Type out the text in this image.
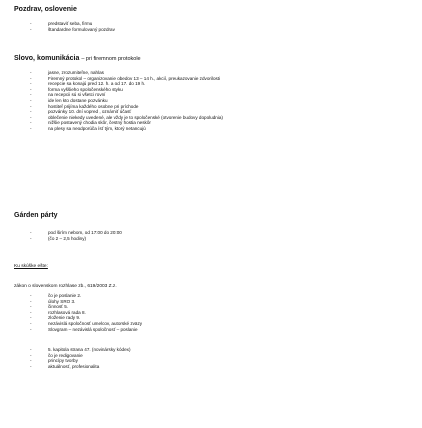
Pozdrav, oslovenie
-	predstaviť seba, firmu
-	štandardne formulovaný pozdrav
Slovo, komunikácia – pri firemnom protokole
-	jasne, zrozumiteľne, nahlas
-	Firemný protokol – organizovanie obedov 13 – 14 h., akcií, preukazovanie zdvorilosti
-	recepcie sa konajú pred 12. h. a od 17. do 19 h.
-	forma vyššieho spoločenského styku
-	na recepcii sú si všetci rovní
-	ide len kto dostane pozvánku
-	hostiteľ prijíma každého osobne pri príchode
-	pozvánky 10. dní vopred , oznámiť účasť
-	oblečenie niekedy uvedené, ale vždy je to spoločenské (otvorenie budovy dopoludnia)
-	nižšie postavený chodia skôr, čestný hostia neskôr
-	na plesy sa neodporúča ísť tým, ktorý netancujú
Gárden párty
-	pod širím nebom, od 17:00 do 20:00
-	(čo 2 – 2,5 hodiny)
Ku skúške ešte:
zákon o slovenskom rozhlase zb., 619/2003 Z.z.
-	čo je poslanie 2.
-	úlohy SRO 3.
-	činnosť 5.
-	rozhlasová rada 8.
-	zloženie rady 9.
-	nezávislá spoločnosť umelcov, autorské zväzy
-	Slovgram – nezávislá spoločnosť – poslanie
-	5. kapitola strana 47. (novinársky kódex)
-	čo je redigovanie
-	princípy tvorby
-	aktuálnosť, profesionalita
